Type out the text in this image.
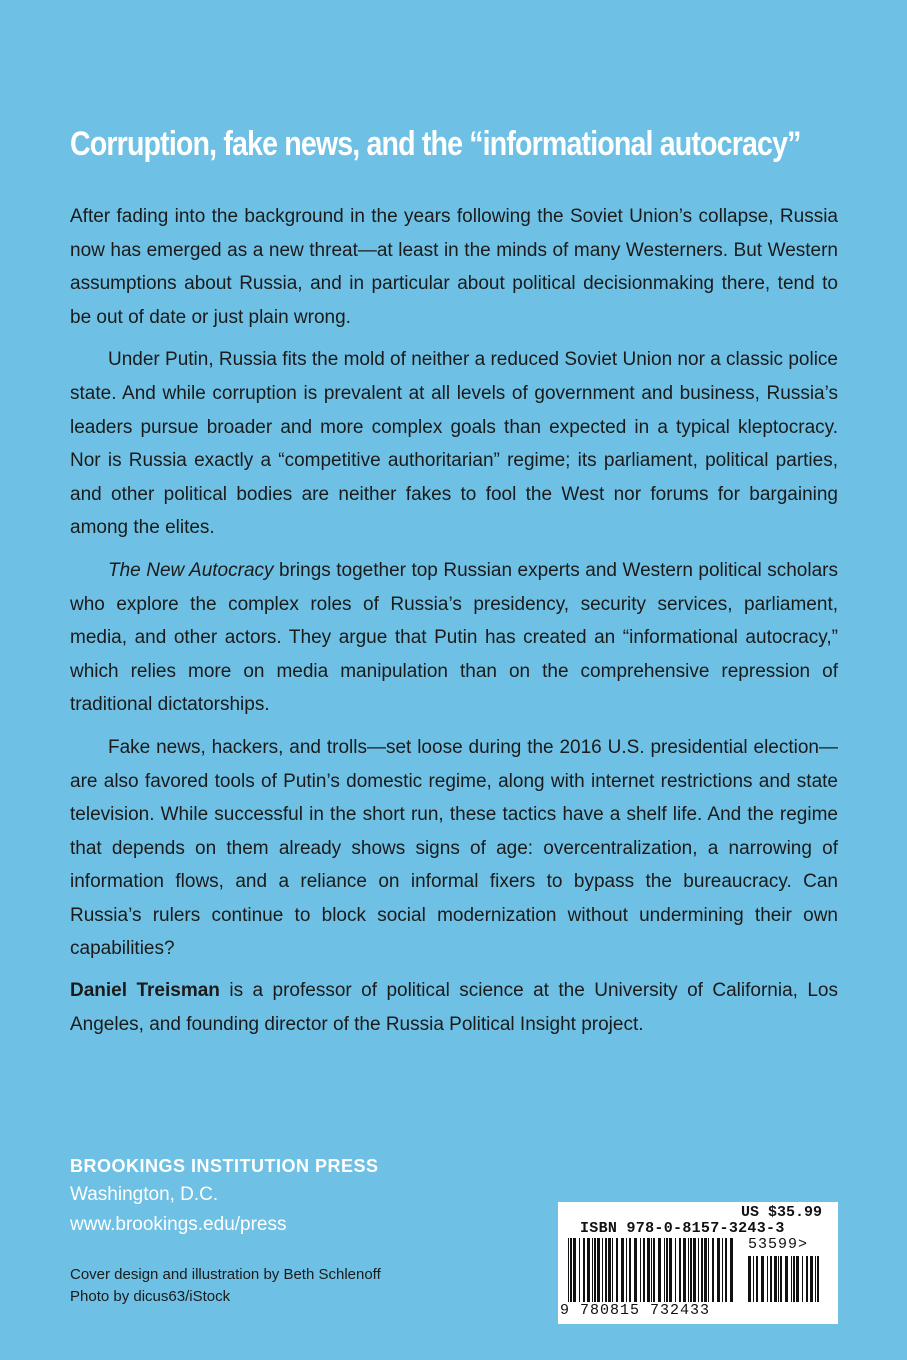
Corruption, fake news, and the “informational autocracy”

After fading into the background in the years following the Soviet Union’s collapse, Russia now has emerged as a new threat—at least in the minds of many Westerners. But Western assumptions about Russia, and in particular about political decisionmaking there, tend to be out of date or just plain wrong.

Under Putin, Russia fits the mold of neither a reduced Soviet Union nor a classic police state. And while corruption is prevalent at all levels of government and business, Russia’s leaders pursue broader and more complex goals than expected in a typical kleptocracy. Nor is Russia exactly a “competitive authoritarian” regime; its parliament, political parties, and other political bodies are neither fakes to fool the West nor forums for bargaining among the elites.

The New Autocracy brings together top Russian experts and Western political scholars who explore the complex roles of Russia’s presidency, security services, parliament, media, and other actors. They argue that Putin has created an “informational autocracy,” which relies more on media manipulation than on the comprehensive repression of traditional dictatorships.

Fake news, hackers, and trolls—set loose during the 2016 U.S. presidential election—are also favored tools of Putin’s domestic regime, along with internet restrictions and state television. While successful in the short run, these tactics have a shelf life. And the regime that depends on them already shows signs of age: overcentralization, a narrowing of information flows, and a reliance on informal fixers to bypass the bureaucracy. Can Russia’s rulers continue to block social modernization without undermining their own capabilities?

Daniel Treisman is a professor of political science at the University of California, Los Angeles, and founding director of the Russia Political Insight project.
BROOKINGS INSTITUTION PRESS
Washington, D.C.
www.brookings.edu/press
Cover design and illustration by Beth Schlenoff
Photo by dicus63/iStock
US $35.99
ISBN 978-0-8157-3243-3
53599>
9 780815 732433
